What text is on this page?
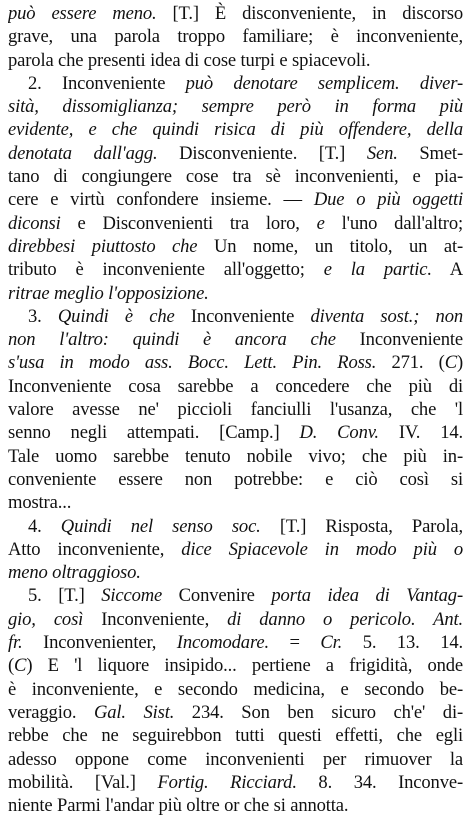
può essere meno. [T.] È disconveniente, in discorso
grave, una parola troppo familiare; è inconveniente,
parola che presenti idea di cose turpi e spiacevoli.
2. Inconveniente può denotare semplicem. diver-
sità, dissomiglianza; sempre però in forma più
evidente, e che quindi risica di più offendere, della
denotata dall'agg. Disconveniente. [T.] Sen. Smet-
tano di congiungere cose tra sè inconvenienti, e pia-
cere e virtù confondere insieme. — Due o più oggetti
diconsi e Disconvenienti tra loro, e l'uno dall'altro;
direbbesi piuttosto che Un nome, un titolo, un at-
tributo è inconveniente all'oggetto; e la partic. A
ritrae meglio l'opposizione.
3. Quindi è che Inconveniente diventa sost.; non
non l'altro: quindi è ancora che Inconveniente
s'usa in modo ass. Bocc. Lett. Pin. Ross. 271. (C)
Inconveniente cosa sarebbe a concedere che più di
valore avesse ne' piccioli fanciulli l'usanza, che 'l
senno negli attempati. [Camp.] D. Conv. IV. 14.
Tale uomo sarebbe tenuto nobile vivo; che più in-
conveniente essere non potrebbe: e ciò così si
mostra...
4. Quindi nel senso soc. [T.] Risposta, Parola,
Atto inconveniente, dice Spiacevole in modo più o
meno oltraggioso.
5. [T.] Siccome Convenire porta idea di Vantag-
gio, così Inconveniente, di danno o pericolo. Ant.
fr. Inconvenienter, Incomodare. = Cr. 5. 13. 14.
(C) E 'l liquore insipido... pertiene a frigidità, onde
è inconveniente, e secondo medicina, e secondo be-
veraggio. Gal. Sist. 234. Son ben sicuro ch'e' di-
rebbe che ne seguirebbon tutti questi effetti, che egli
adesso oppone come inconvenienti per rimuover la
mobilità. [Val.] Fortig. Ricciard. 8. 34. Inconve-
niente Parmi l'andar più oltre or che si annotta.
